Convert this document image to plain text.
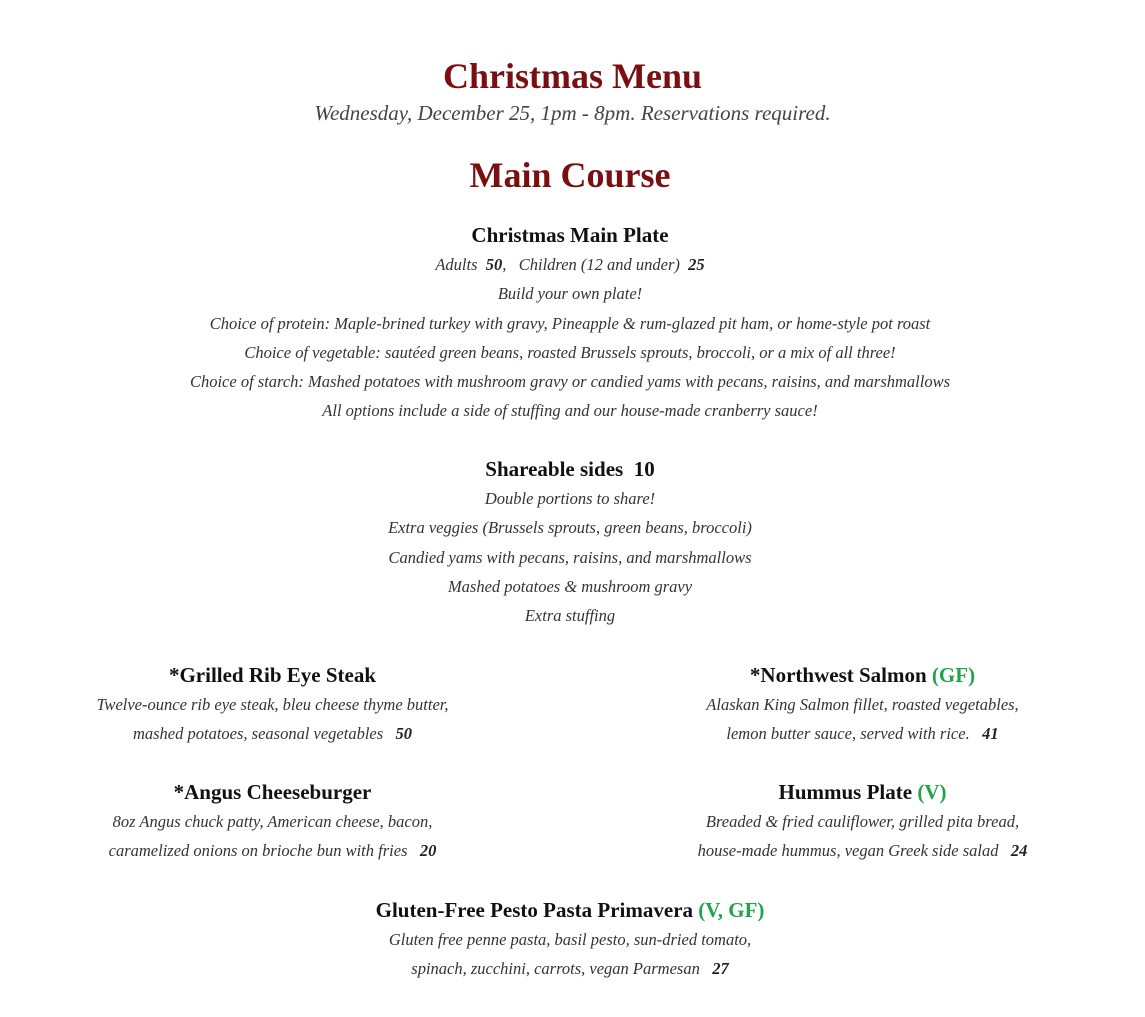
Christmas Menu
Wednesday, December 25, 1pm - 8pm. Reservations required.
Main Course
Christmas Main Plate
Adults 50,   Children (12 and under) 25
Build your own plate!
Choice of protein: Maple-brined turkey with gravy, Pineapple & rum-glazed pit ham, or home-style pot roast
Choice of vegetable: sautéed green beans, roasted Brussels sprouts, broccoli, or a mix of all three!
Choice of starch: Mashed potatoes with mushroom gravy or candied yams with pecans, raisins, and marshmallows
All options include a side of stuffing and our house-made cranberry sauce!
Shareable sides 10
Double portions to share!
Extra veggies (Brussels sprouts, green beans, broccoli)
Candied yams with pecans, raisins, and marshmallows
Mashed potatoes & mushroom gravy
Extra stuffing
*Grilled Rib Eye Steak
Twelve-ounce rib eye steak, bleu cheese thyme butter,
mashed potatoes, seasonal vegetables 50
*Northwest Salmon (GF)
Alaskan King Salmon fillet, roasted vegetables,
lemon butter sauce, served with rice. 41
*Angus Cheeseburger
8oz Angus chuck patty, American cheese, bacon,
caramelized onions on brioche bun with fries 20
Hummus Plate (V)
Breaded & fried cauliflower, grilled pita bread,
house-made hummus, vegan Greek side salad 24
Gluten-Free Pesto Pasta Primavera (V, GF)
Gluten free penne pasta, basil pesto, sun-dried tomato,
spinach, zucchini, carrots, vegan Parmesan 27
